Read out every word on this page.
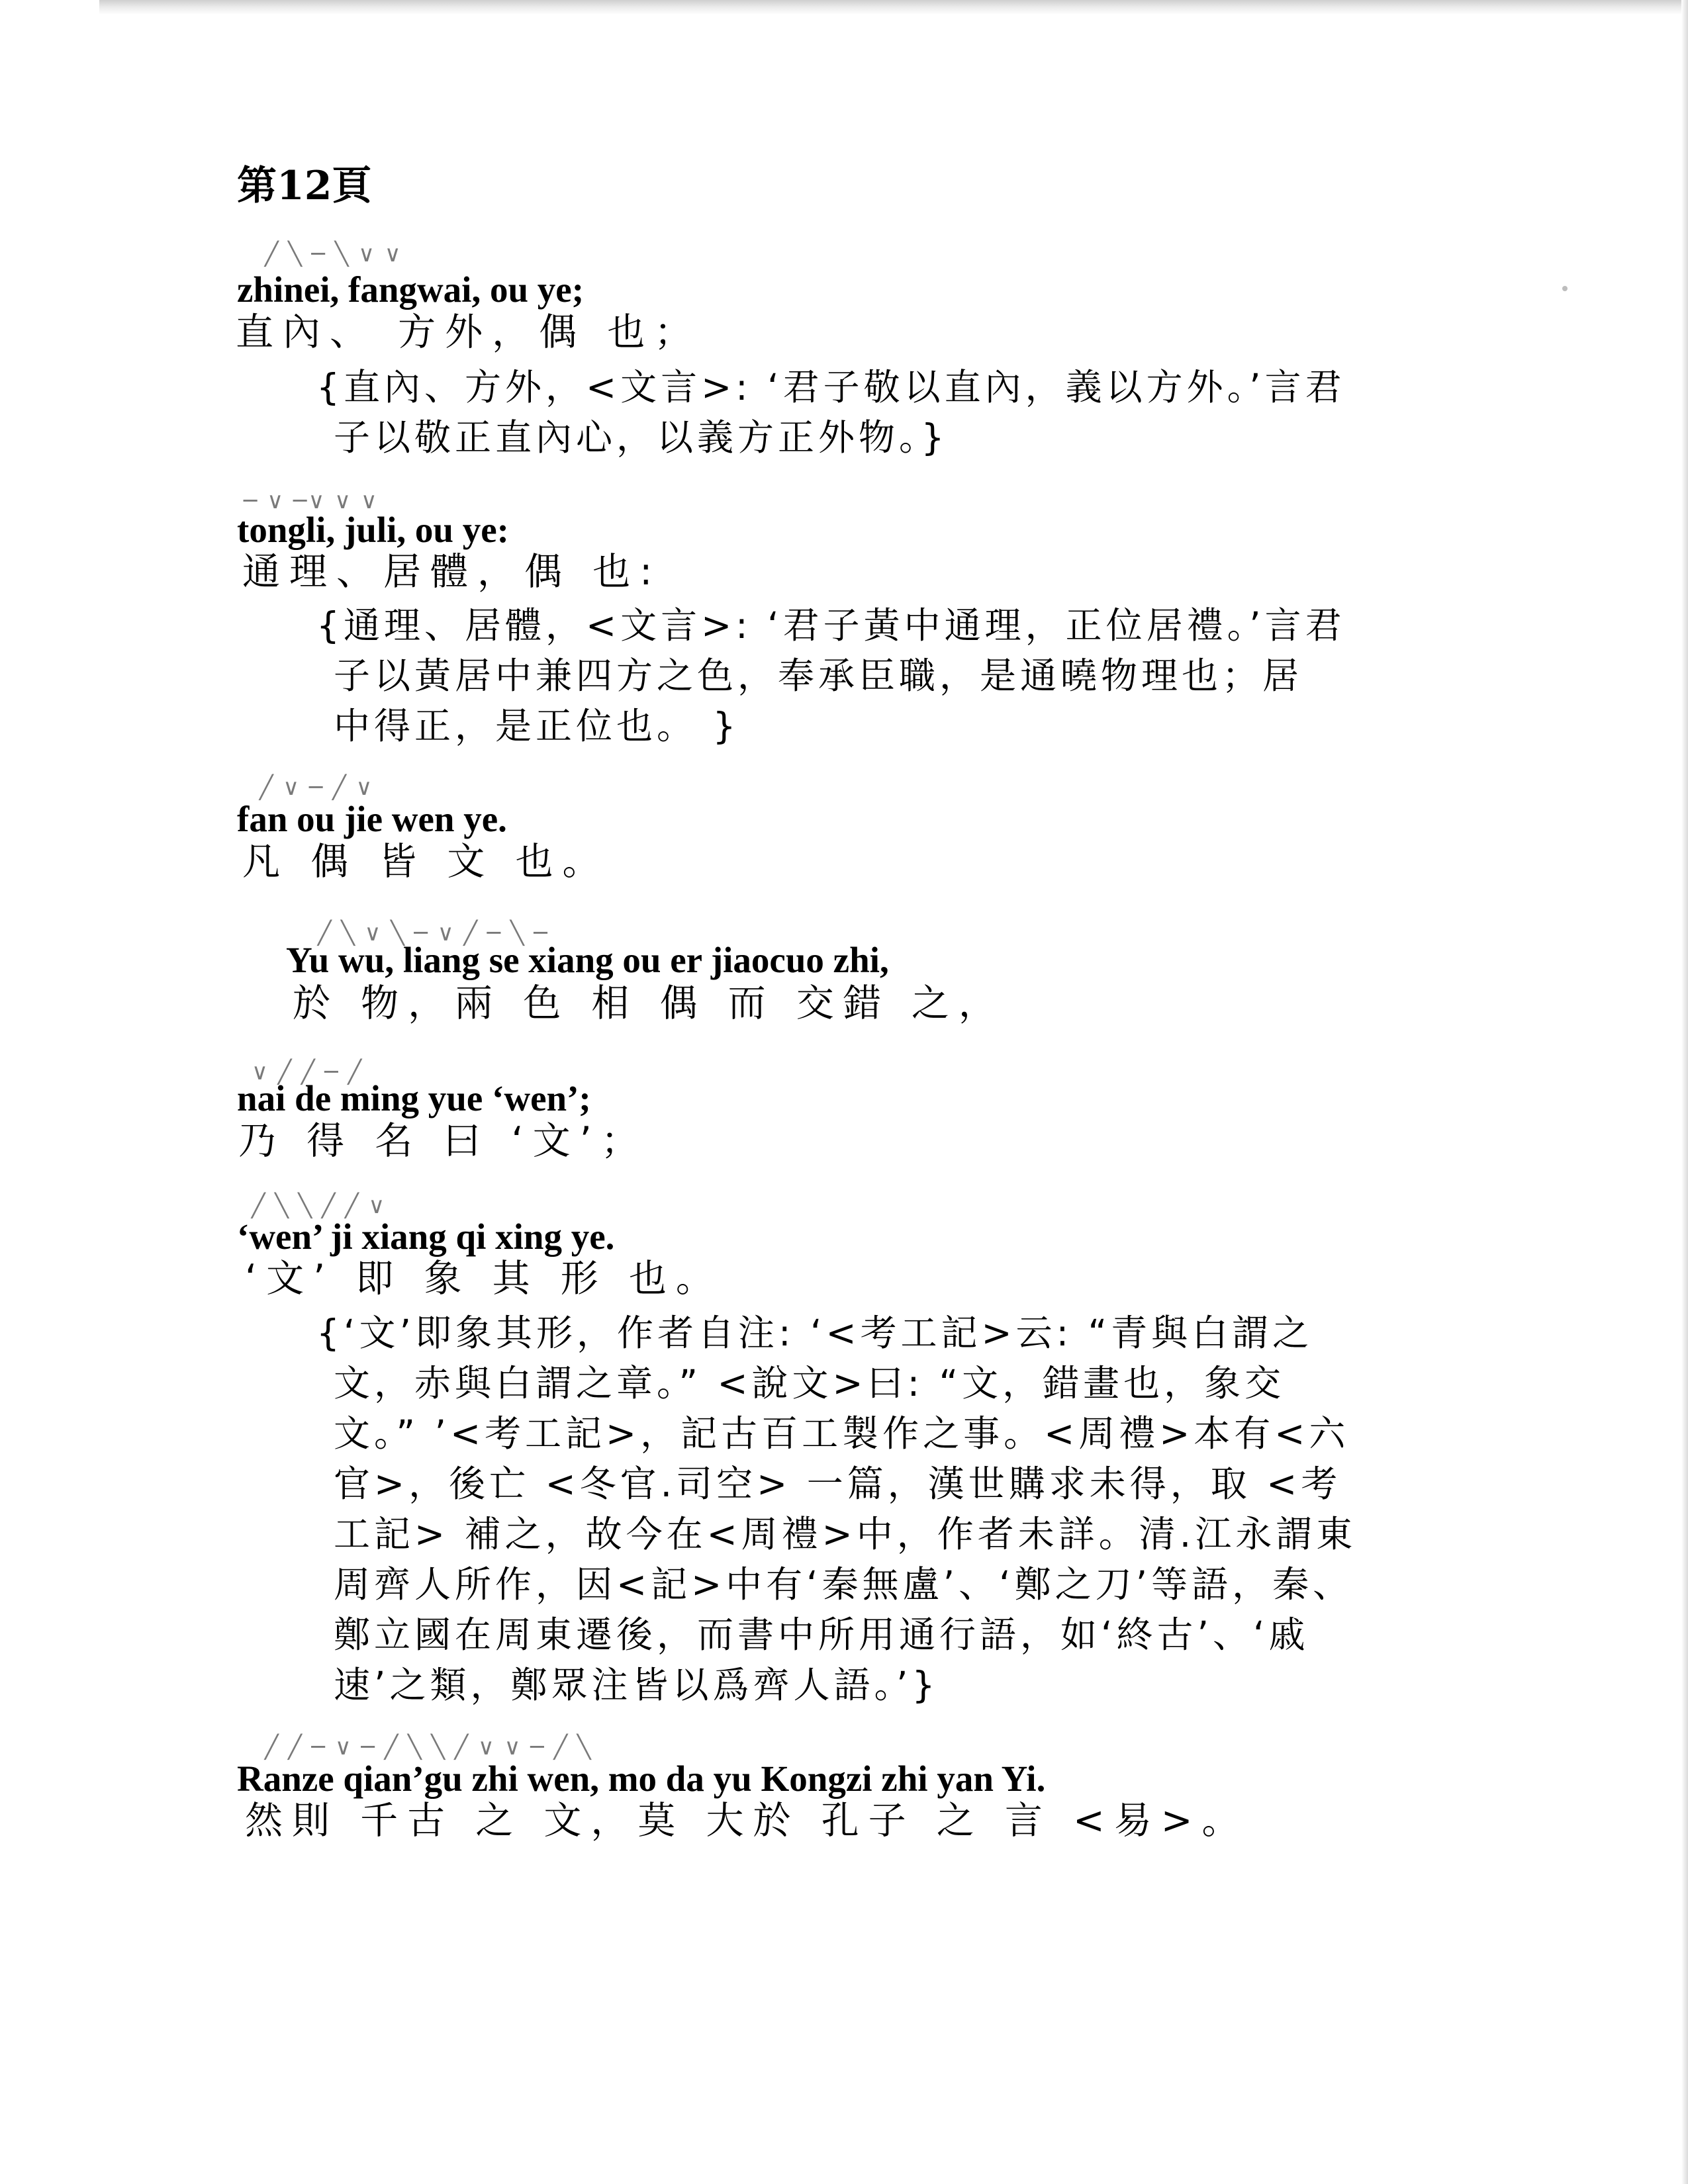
第12頁
╱ ╲ ─ ╲ ∨ ∨
zhinei, fangwai, ou ye;
直內、 方外，偶 也；
{直內、方外，<文言>: ‘君子敬以直內，義以方外。’言君
子以敬正直內心，以義方正外物。}
─ ∨ ─∨ ∨ ∨
tongli, juli, ou ye:
通理、居體，偶 也:
{通理、居體，<文言>: ‘君子黃中通理，正位居禮。’言君
子以黃居中兼四方之色，奉承臣職，是通曉物理也；居
中得正，是正位也。 }
╱ ∨ ─ ╱ ∨
fan ou jie wen ye.
凡 偶 皆 文 也。
╱ ╲ ∨ ╲ ─ ∨ ╱ ─ ╲ ─
Yu wu, liang se xiang ou er jiaocuo zhi,
於 物，兩 色 相 偶 而 交錯 之，
∨ ╱ ╱ ─ ╱
nai de ming yue ‘wen’;
乃 得 名 曰 ‘文’；
╱ ╲ ╲ ╱ ╱ ∨
‘wen’ ji xiang qi xing ye.
‘文’ 即 象 其 形 也。
{‘文’即象其形，作者自注: ‘<考工記>云: “青與白謂之
文，赤與白謂之章。” <說文>曰: “文，錯畫也，象交
文。” ’<考工記>，記古百工製作之事。<周禮>本有<六
官>，後亡 <冬官.司空> 一篇，漢世購求未得，取 <考
工記> 補之，故今在<周禮>中，作者未詳。清.江永謂東
周齊人所作，因<記>中有‘秦無盧’、‘鄭之刀’等語，秦、
鄭立國在周東遷後，而書中所用通行語，如‘終古’、‘戚
速’之類，鄭眾注皆以爲齊人語。’}
╱ ╱ ─ ∨ ─ ╱ ╲ ╲ ╱ ∨ ∨ ─ ╱ ╲
Ranze qian’gu zhi wen, mo da yu Kongzi zhi yan Yi.
然則 千古 之 文，莫 大於 孔子 之 言 <易>。
